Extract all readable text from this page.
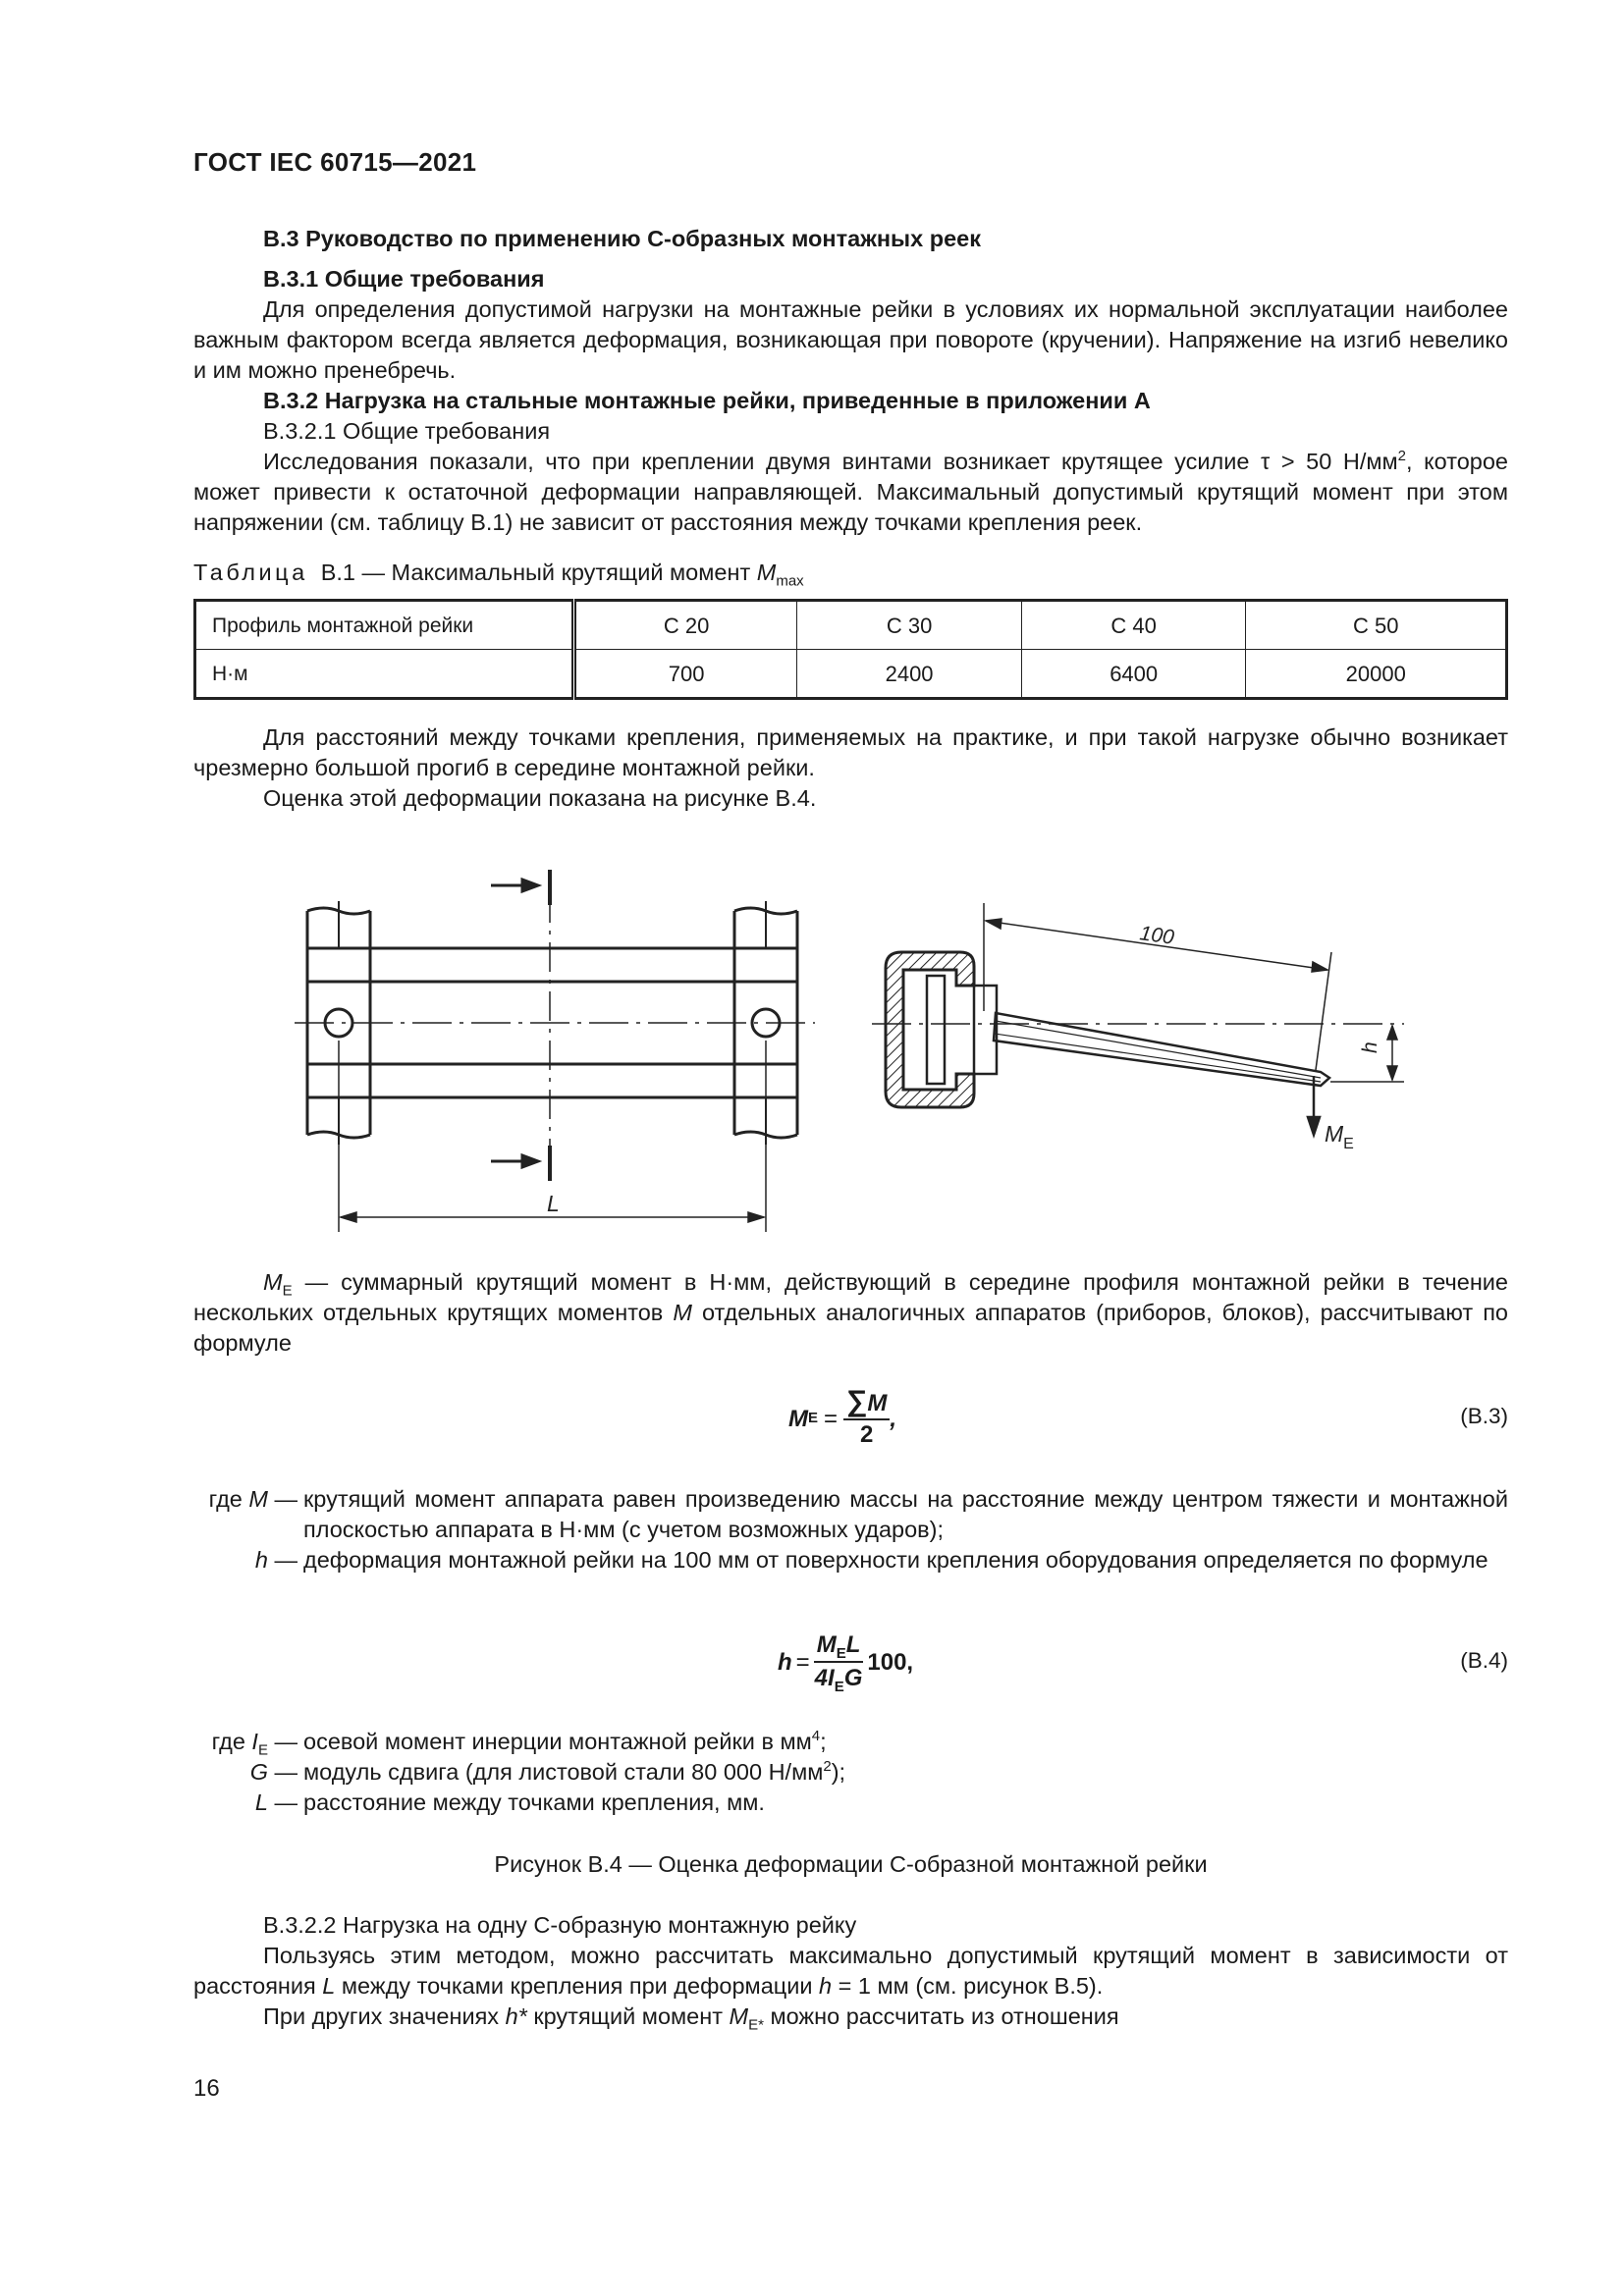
ГОСТ IEC 60715—2021

В.3 Руководство по применению С-образных монтажных реек

В.3.1 Общие требования

Для определения допустимой нагрузки на монтажные рейки в условиях их нормальной эксплуатации наиболее важным фактором всегда является деформация, возникающая при повороте (кручении). Напряжение на изгиб невелико и им можно пренебречь.

В.3.2 Нагрузка на стальные монтажные рейки, приведенные в приложении А

В.3.2.1 Общие требования

Исследования показали, что при креплении двумя винтами возникает крутящее усилие τ > 50 $Н/мм^2$, которое может привести к остаточной деформации направляющей. Максимальный допустимый крутящий момент при этом напряжении (см. таблицу В.1) не зависит от расстояния между точками крепления реек.

Таблица В.1 — Максимальный крутящий момент $M_{max}$
Профиль монтажной рейки	С 20	С 30	С 40	С 50
Н·м	700	2400	6400	20000

Для расстояний между точками крепления, применяемых на практике, и при такой нагрузке обычно возникает чрезмерно большой прогиб в середине монтажной рейки.

Оценка этой деформации показана на рисунке В.4.

L
h
100
$M_E$

$M_E$ — суммарный крутящий момент в Н·мм, действующий в середине профиля монтажной рейки в течение нескольких отдельных крутящих моментов M отдельных аналогичных аппаратов (приборов, блоков), рассчитывают по формуле

M $E = \frac{\sum M}{2}$ ,	(В.3)
где M — крутящий момент аппарата равен произведению массы на расстояние между центром тяжести и монтажной плоскостью аппарата в Н·мм (с учетом возможных ударов);
h — деформация монтажной рейки на 100 мм от поверхности крепления оборудования определяется по формуле
h =
$M_EL$
$4I_EG$
100,	(В.4)
где $I_E$ — осевой момент инерции монтажной рейки в $мм^4$;
G — модуль сдвига (для листовой стали 80 000 $Н/мм^2$);
L — расстояние между точками крепления, мм.
Рисунок В.4 — Оценка деформации С-образной монтажной рейки

В.3.2.2 Нагрузка на одну С-образную монтажную рейку

Пользуясь этим методом, можно рассчитать максимально допустимый крутящий момент в зависимости от расстояния L между точками крепления при деформации h = 1 мм (см. рисунок В.5).

При других значениях h* крутящий момент $M_{E*}$ можно рассчитать из отношения

16
